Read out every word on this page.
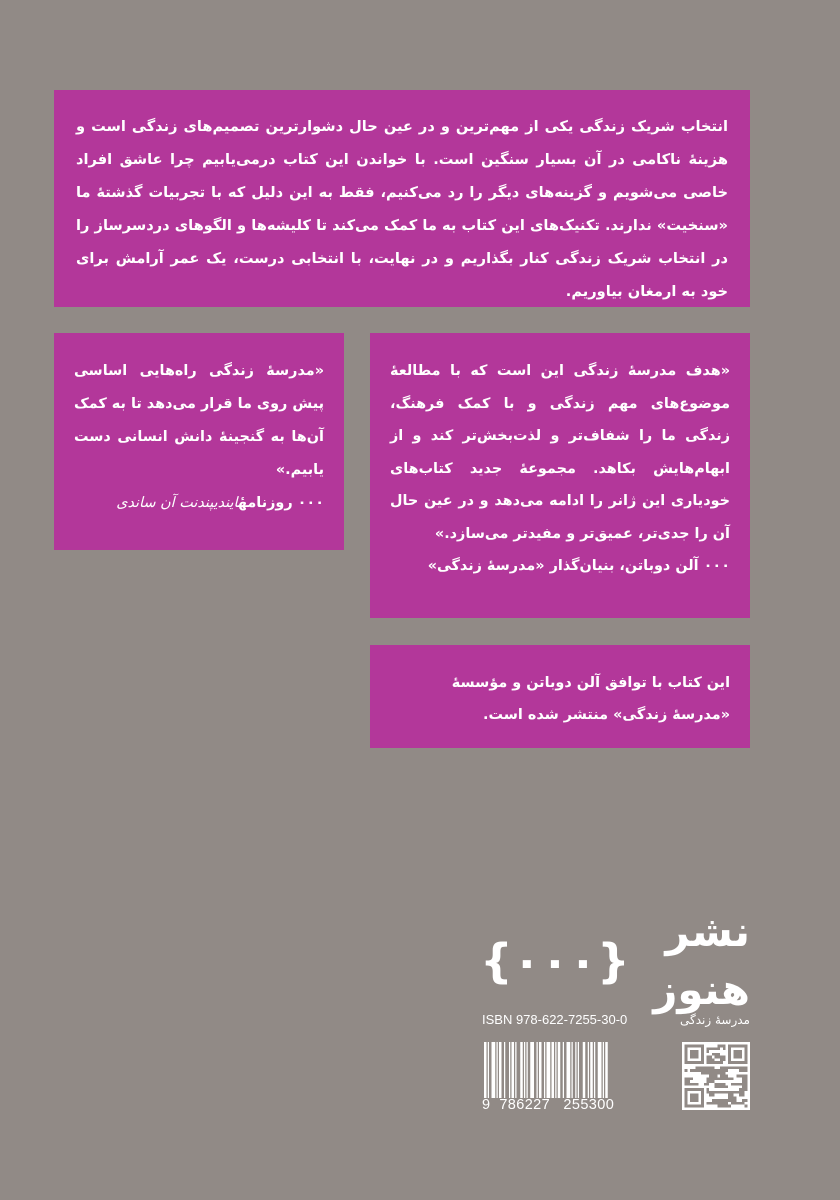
انتخاب شریک زندگی یکی از مهم‌ترین و در عین حال دشوارترین تصمیم‌های زندگی است و هزینهٔ ناکامی در آن بسیار سنگین است. با خواندن این کتاب درمی‌یابیم چرا عاشق افراد خاصی می‌شویم و گزینه‌های دیگر را رد می‌کنیم، فقط به این دلیل که با تجربیات گذشتهٔ ما «سنخیت» ندارند. تکنیک‌های این کتاب به ما کمک می‌کند تا کلیشه‌ها و الگوهای دردسرساز را در انتخاب شریک زندگی کنار بگذاریم و در نهایت، با انتخابی درست، یک عمر آرامش برای خود به ارمغان بیاوریم.

«هدف مدرسهٔ زندگی این است که با مطالعهٔ موضوع‌های مهم زندگی و با کمک فرهنگ، زندگی ما را شفاف‌تر و لذت‌بخش‌تر کند و از ابهام‌هایش بکاهد. مجموعهٔ جدید کتاب‌های خودیاری این ژانر را ادامه می‌دهد و در عین حال آن را جدی‌تر، عمیق‌تر و مفیدتر می‌سازد.»
۰۰۰ آلن دوباتن، بنیان‌گذار «مدرسهٔ زندگی»

«مدرسهٔ زندگی راه‌هایی اساسی پیش روی ما قرار می‌دهد تا به کمک آن‌ها به گنجینهٔ دانش انسانی دست یابیم.»
۰۰۰ روزنامهٔایندیپندنت آن ساندی

این کتاب با توافق آلن دوباتن و مؤسسهٔ «مدرسهٔ زندگی» منتشر شده است.

نشر هنوز
{۰۰۰}
ISBN 978-622-7255-30-0	مدرسهٔ زندگی
9  786227   255300
